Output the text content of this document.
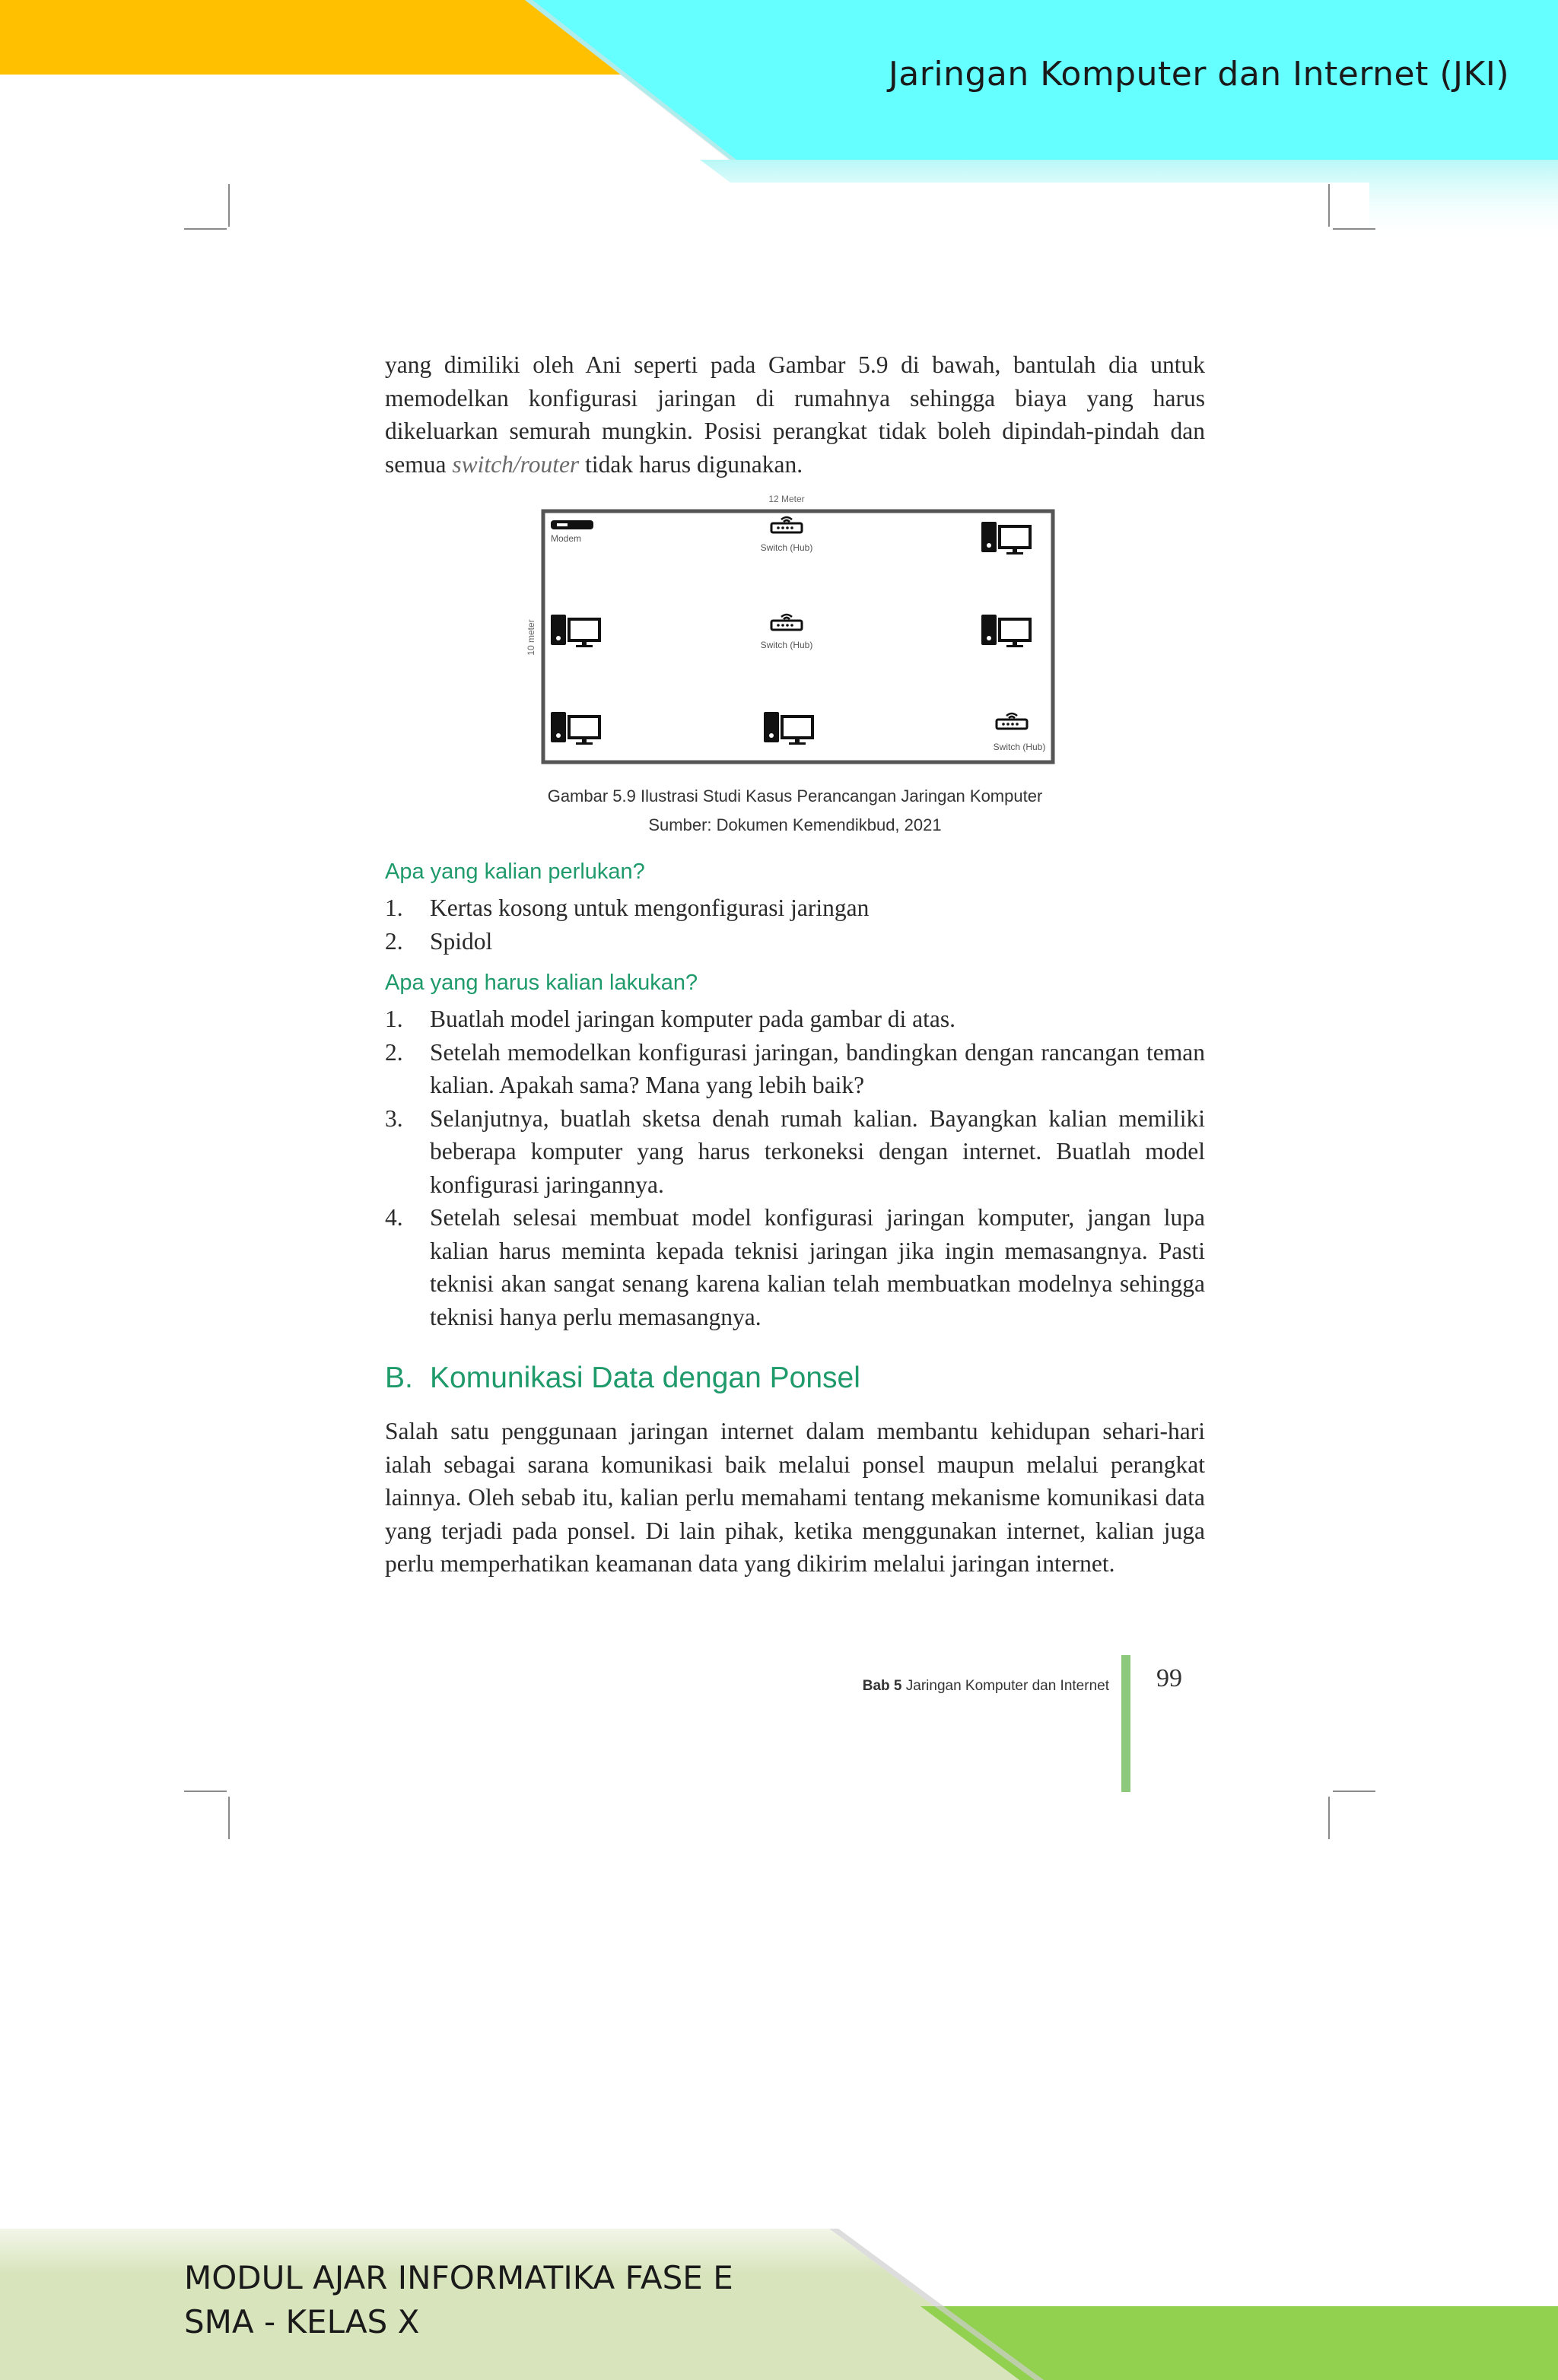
Jaringan Komputer dan Internet (JKI)

yang dimiliki oleh Ani seperti pada Gambar 5.9 di bawah, bantulah dia untuk memodelkan konfigurasi jaringan di rumahnya sehingga biaya yang harus dikeluarkan semurah mungkin. Posisi perangkat tidak boleh dipindah-pindah dan semua switch/router tidak harus digunakan.

12 Meter
10 meter
Modem
Switch (Hub)
Switch (Hub)
Switch (Hub)
Gambar 5.9 Ilustrasi Studi Kasus Perancangan Jaringan Komputer
Sumber: Dokumen Kemendikbud, 2021
Apa yang kalian perlukan?
1. Kertas kosong untuk mengonfigurasi jaringan
2. Spidol
Apa yang harus kalian lakukan?
1. Buatlah model jaringan komputer pada gambar di atas.
2. Setelah memodelkan konfigurasi jaringan, bandingkan dengan rancangan teman kalian. Apakah sama? Mana yang lebih baik?
3. Selanjutnya, buatlah sketsa denah rumah kalian. Bayangkan kalian memiliki beberapa komputer yang harus terkoneksi dengan internet. Buatlah model konfigurasi jaringannya.
4. Setelah selesai membuat model konfigurasi jaringan komputer, jangan lupa kalian harus meminta kepada teknisi jaringan jika ingin memasangnya. Pasti teknisi akan sangat senang karena kalian telah membuatkan modelnya sehingga teknisi hanya perlu memasangnya.
B. Komunikasi Data dengan Ponsel

Salah satu penggunaan jaringan internet dalam membantu kehidupan sehari-hari ialah sebagai sarana komunikasi baik melalui ponsel maupun melalui perangkat lainnya. Oleh sebab itu, kalian perlu memahami tentang mekanisme komunikasi data yang terjadi pada ponsel. Di lain pihak, ketika menggunakan internet, kalian juga perlu memperhatikan keamanan data yang dikirim melalui jaringan internet.

Bab 5 Jaringan Komputer dan Internet 99
MODUL AJAR INFORMATIKA FASE E
SMA - KELAS X
